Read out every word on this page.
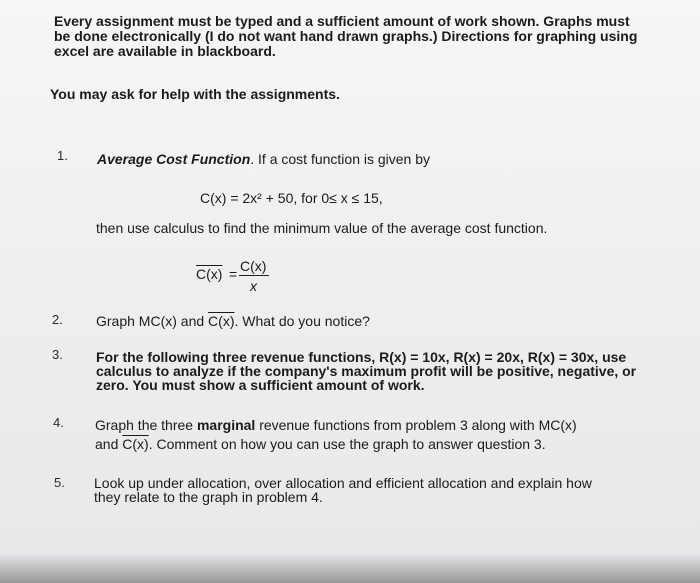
Every assignment must be typed and a sufficient amount of work shown. Graphs must
be done electronically (I do not want hand drawn graphs.) Directions for graphing using
excel are available in blackboard.
You may ask for help with the assignments.
1. Average Cost Function. If a cost function is given by
C(x) = 2x² + 50, for 0≤ x ≤ 15,
then use calculus to find the minimum value of the average cost function.
C(x) = C(x)
x
2. Graph MC(x) and C(x). What do you notice?
3. For the following three revenue functions, R(x) = 10x, R(x) = 20x, R(x) = 30x, use
calculus to analyze if the company's maximum profit will be positive, negative, or
zero. You must show a sufficient amount of work.
4. Graph the three marginal revenue functions from problem 3 along with MC(x)
and C(x). Comment on how you can use the graph to answer question 3.
5. Look up under allocation, over allocation and efficient allocation and explain how
they relate to the graph in problem 4.
